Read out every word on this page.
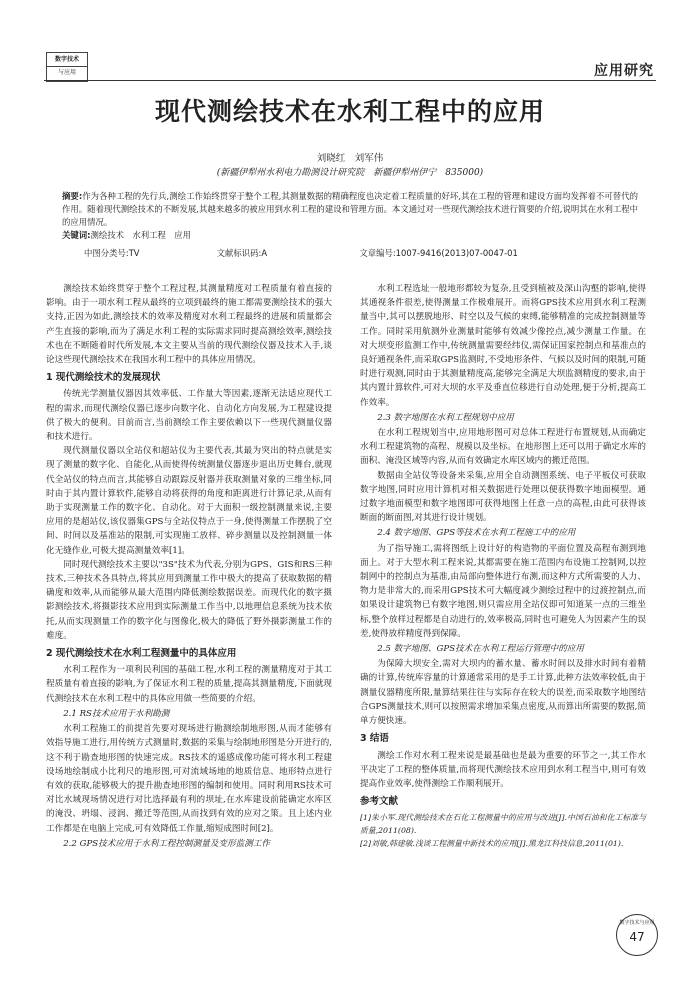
数字技术
与应用	应用研究
现代测绘技术在水利工程中的应用
刘晓红　刘军伟
(新疆伊犁州水利电力勘测设计研究院　新疆伊犁州伊宁　835000)
摘要:作为各种工程的先行兵,测绘工作始终贯穿于整个工程,其测量数据的精确程度也决定着工程质量的好坏,其在工程的管理和建设方面均发挥着不可替代的作用。随着现代测绘技术的不断发展,其越来越多的被应用到水利工程的建设和管理方面。本文通过对一些现代测绘技术进行简要的介绍,说明其在水利工程中的应用情况。
关键词:测绘技术　水利工程　应用
中图分类号:TV	文献标识码:A	文章编号:1007-9416(2013)07-0047-01

测绘技术始终贯穿于整个工程过程,其测量精度对工程质量有着直接的影响。由于一项水利工程从最终的立项到最终的施工都需要测绘技术的强大支持,正因为如此,测绘技术的效率及精度对水利工程最终的进展和质量都会产生直接的影响,而为了满足水利工程的实际需求同时提高测绘效率,测绘技术也在不断随着时代所发展,本文主要从当前的现代测绘仪器及技术入手,谈论这些现代测绘技术在我国水利工程中的具体应用情况。

1 现代测绘技术的发展现状

传统光学测量仪器因其效率低、工作量大等因素,逐渐无法适应现代工程的需求,而现代测绘仪器已逐步向数字化、自动化方向发展,为工程建设提供了极大的便利。目前而言,当前测绘工作主要依赖以下一些现代测量仪器和技术进行。

现代测量仪器以全站仪和超站仪为主要代表,其最为突出的特点就是实现了测量的数字化、自能化,从而使得传统测量仪器逐步退出历史舞台,就现代全站仪的特点而言,其能够自动跟踪反射器并获取测量对象的三维坐标,同时由于其内置计算软件,能够自动将获得的角度和距离进行计算记录,从而有助于实现测量工作的数字化、自动化。对于大面积一级控制测量来说,主要应用的是超站仪,该仪器集GPS与全站仪特点于一身,使得测量工作摆脱了空间、时间以及基准站的限制,可实现施工放样、碎步测量以及控制测量一体化无缝作业,可极大提高测量效率[1]。

同时现代测绘技术主要以"3S"技术为代表,分别为GPS、GIS和RS三种技术,三种技术各具特点,将其应用到测量工作中极大的提高了获取数据的精确度和效率,从而能够从最大范围内降低测绘数据误差。而现代化的数字摄影测绘技术,将摄影技术应用到实际测量工作当中,以地理信息系统为技术依托,从而实现测量工作的数字化与图像化,极大的降低了野外摄影测量工作的难度。

2 现代测绘技术在水利工程测量中的具体应用

水利工程作为一项利民利国的基础工程,水利工程的测量精度对于其工程质量有着直接的影响,为了保证水利工程的质量,提高其测量精度,下面就现代测绘技术在水利工程中的具体应用做一些简要的介绍。

2.1 RS技术应用于水利勘测

水利工程施工的前提首先要对现场进行勘测绘制地形图,从而才能够有效指导施工进行,用传统方式测量时,数据的采集与绘制地形图是分开进行的,这不利于勘查地形图的快速完成。RS技术的遥感成像功能可将水利工程建设场地绘制成小比利尺的地形图,可对流域场地的地质信息、地形特点进行有效的获取,能够极大的提升勘查地形图的编制和使用。同时利用RS技术可对比水域现场情况进行对比选择最有利的坝址,在水库建设前能确定水库区的淹没、坍塌、浸润、搬迁等范围,从而找到有效的应对之策。且上述内业工作都是在电脑上完成,可有效降低工作量,缩短成图时间[2]。

2.2 GPS技术应用于水利工程控制测量及变形监测工作

水利工程选址一般地形都较为复杂,且受到植被及深山沟壑的影响,使得其通视条件很差,使得测量工作极难展开。而将GPS技术应用到水利工程测量当中,其可以摆脱地形、时空以及气候的束缚,能够精准的完成控制测量等工作。同时采用航测外业测量时能够有效减少像控点,减少测量工作量。在对大坝变形监测工作中,传统测量需要经纬仪,需保证国家控制点和基准点的良好通视条件,而采取GPS监测时,不受地形条件、气候以及时间的限制,可随时进行观测,同时由于其测量精度高,能够完全满足大坝监测精度的要求,由于其内置计算软件,可对大坝的水平及垂直位移进行自动处理,便于分析,提高工作效率。

2.3 数字地图在水利工程规划中应用

在水利工程规划当中,应用地形图可对总体工程进行布置规划,从而确定水利工程建筑物的高程、规模以及坐标。在地形图上还可以用于确定水库的面积、淹没区域等内容,从而有效确定水库区域内的搬迁范围。

数据由全站仪等设备来采集,应用全自动测图系统、电子平板仪可获取数字地图,同时应用计算机对相关数据进行处理以便获得数字地面模型。通过数字地面模型和数字地图即可获得地图上任意一点的高程,由此可获得该断面的断面图,对其进行设计规划。

2.4 数字地图、GPS等技术在水利工程施工中的应用

为了指导施工,需将图纸上设计好的构造物的平面位置及高程布测到地面上。对于大型水利工程来说,其都需要在施工范围内布设施工控制网,以控制网中的控制点为基准,由局部向整体进行布测,而这种方式所需要的人力、物力是非常大的,而采用GPS技术可大幅度减少测绘过程中的过渡控制点,而如果设计建筑物已有数字地图,则只需应用全站仪即可知道某一点的三维坐标,整个放样过程都是自动进行的,效率极高,同时也可避免人为因素产生的误差,使得放样精度得到保障。

2.5 数字地图、GPS技术在水利工程运行管理中的应用

为保障大坝安全,需对大坝内的蓄水量、蓄水时间以及排水时间有着精确的计算,传统库容量的计算通常采用的是手工计算,此种方法效率较低,由于测量仪器精度所限,量算结果往往与实际存在较大的误差,而采取数字地图结合GPS测量技术,则可以按照需求增加采集点密度,从而算出所需要的数据,简单方便快速。

3 结语

测绘工作对水利工程来说是最基础也是最为重要的环节之一,其工作水平决定了工程的整体质量,而将现代测绘技术应用到水利工程当中,则可有效提高作业效率,使得测绘工作顺利展开。

参考文献

[1]朱小军.现代测绘技术在石化工程测量中的应用与改进[J].中国石油和化工标准与质量,2011(08).

[2]刘敏,韩建敏.浅谈工程测量中新技术的应用[J].黑龙江科技信息,2011(01).

数字技术与应用
47
